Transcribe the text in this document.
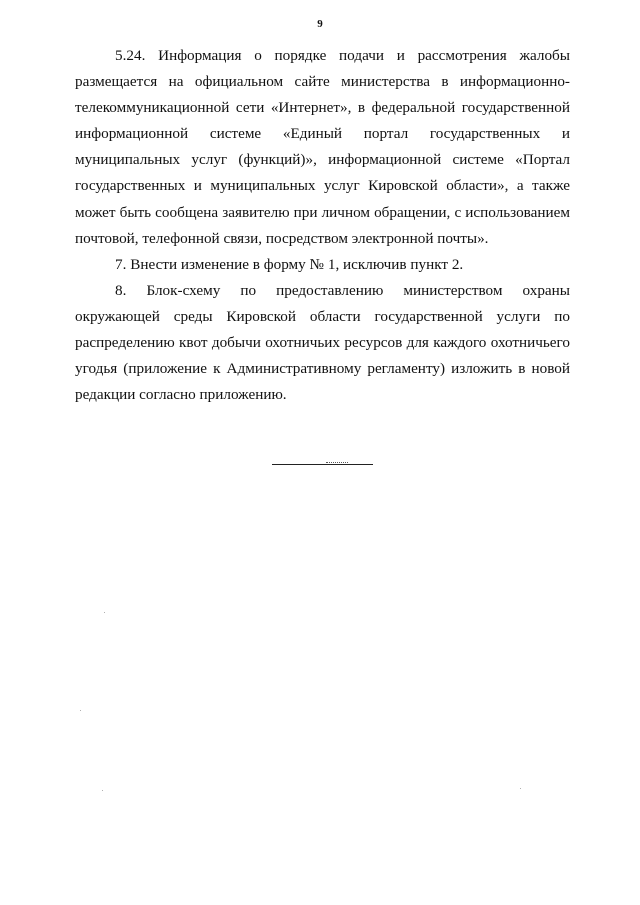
9

5.24. Информация о порядке подачи и рассмотрения жалобы размещается на официальном сайте министерства в информационно-телекоммуникационной сети «Интернет», в федеральной государственной информационной системе «Единый портал государственных и муниципальных услуг (функций)», информационной системе «Портал государственных и муниципальных услуг Кировской области», а также может быть сообщена заявителю при личном обращении, с использованием почтовой, телефонной связи, посредством электронной почты».

7. Внести изменение в форму № 1, исключив пункт 2.

8. Блок-схему по предоставлению министерством охраны окружающей среды Кировской области государственной услуги по распределению квот добычи охотничьих ресурсов для каждого охотничьего угодья (приложение к Административному регламенту) изложить в новой редакции согласно приложению.
